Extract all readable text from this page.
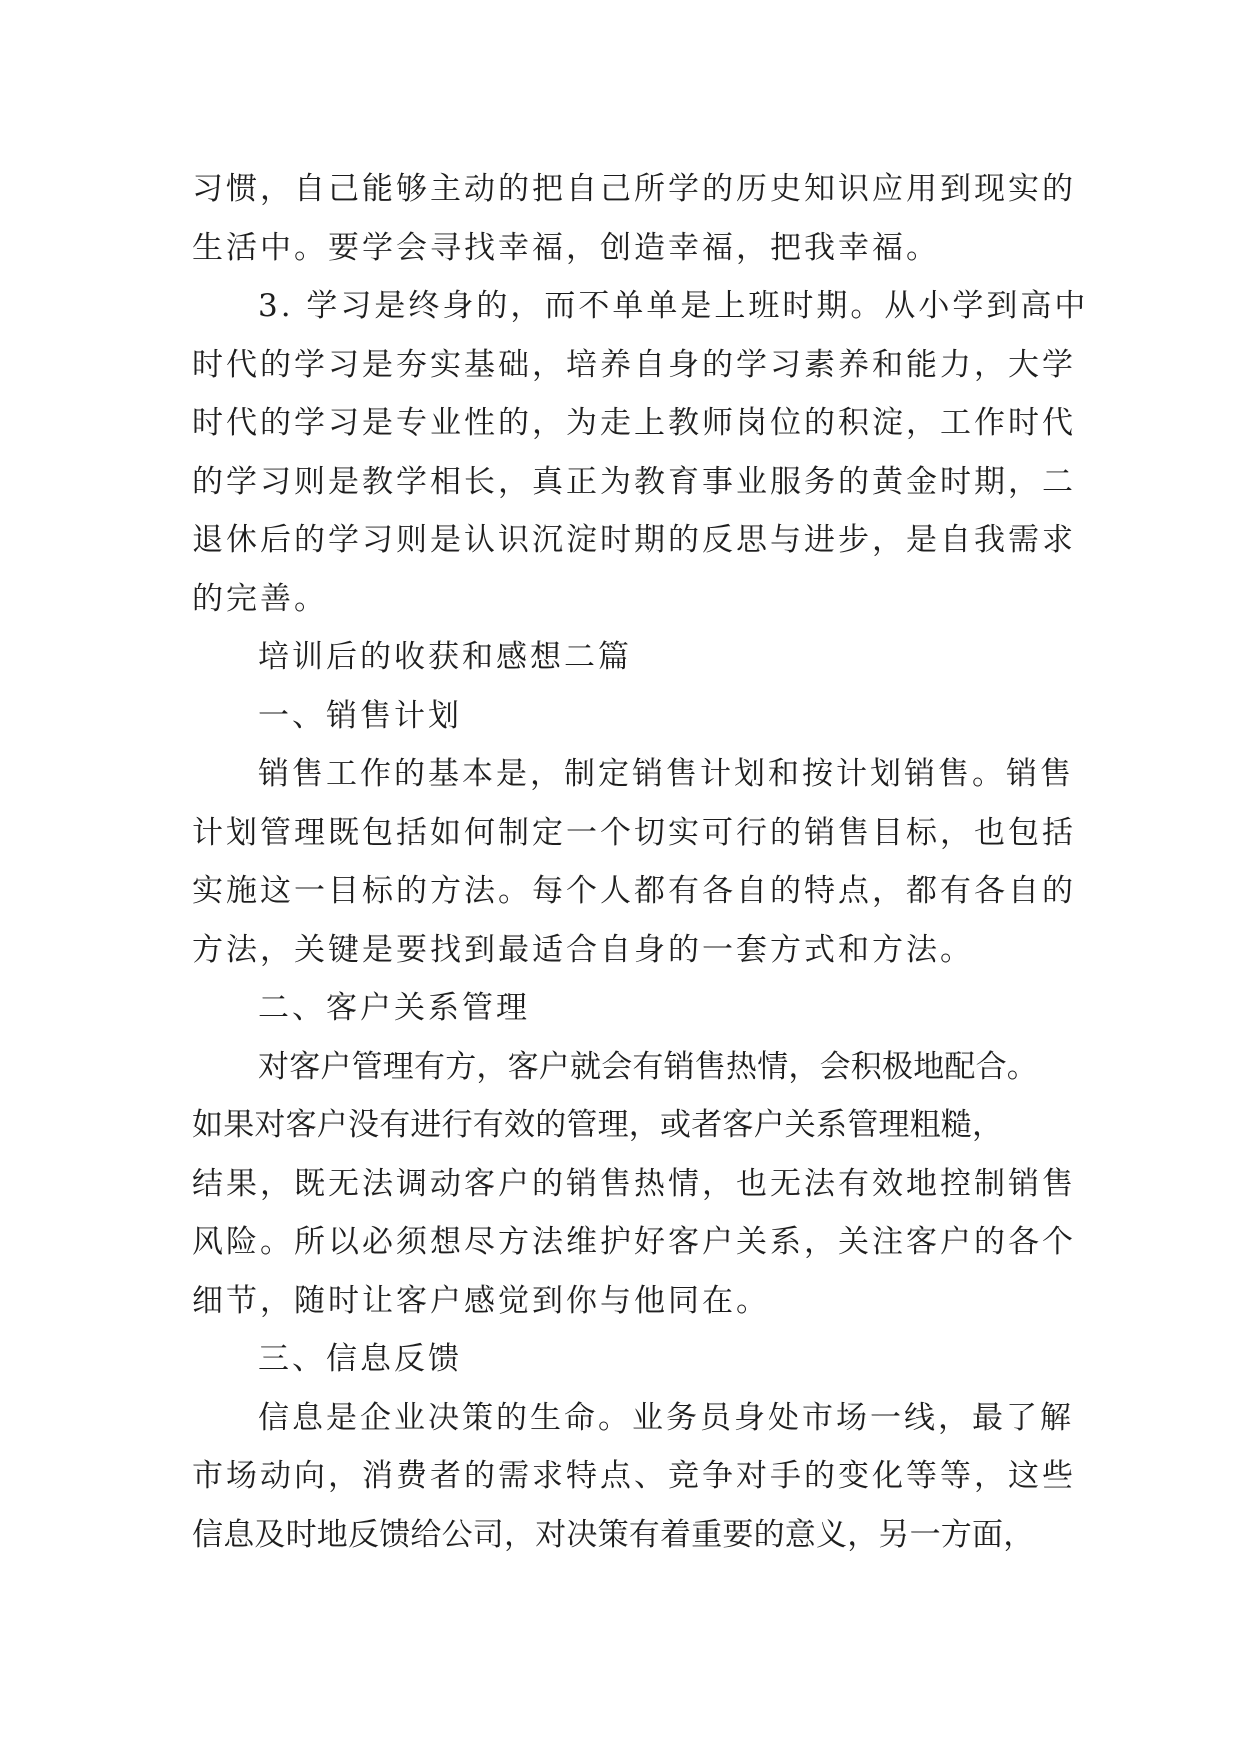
习惯，自己能够主动的把自己所学的历史知识应用到现实的
生活中。要学会寻找幸福，创造幸福，把我幸福。
3. 学习是终身的，而不单单是上班时期。从小学到高中
时代的学习是夯实基础，培养自身的学习素养和能力，大学
时代的学习是专业性的，为走上教师岗位的积淀，工作时代
的学习则是教学相长，真正为教育事业服务的黄金时期，二
退休后的学习则是认识沉淀时期的反思与进步，是自我需求
的完善。
培训后的收获和感想二篇
一、销售计划
销售工作的基本是，制定销售计划和按计划销售。销售
计划管理既包括如何制定一个切实可行的销售目标，也包括
实施这一目标的方法。每个人都有各自的特点，都有各自的
方法，关键是要找到最适合自身的一套方式和方法。
二、客户关系管理
对客户管理有方，客户就会有销售热情，会积极地配合。
如果对客户没有进行有效的管理，或者客户关系管理粗糙，
结果，既无法调动客户的销售热情，也无法有效地控制销售
风险。所以必须想尽方法维护好客户关系，关注客户的各个
细节，随时让客户感觉到你与他同在。
三、信息反馈
信息是企业决策的生命。业务员身处市场一线，最了解
市场动向，消费者的需求特点、竞争对手的变化等等，这些
信息及时地反馈给公司，对决策有着重要的意义，另一方面，
